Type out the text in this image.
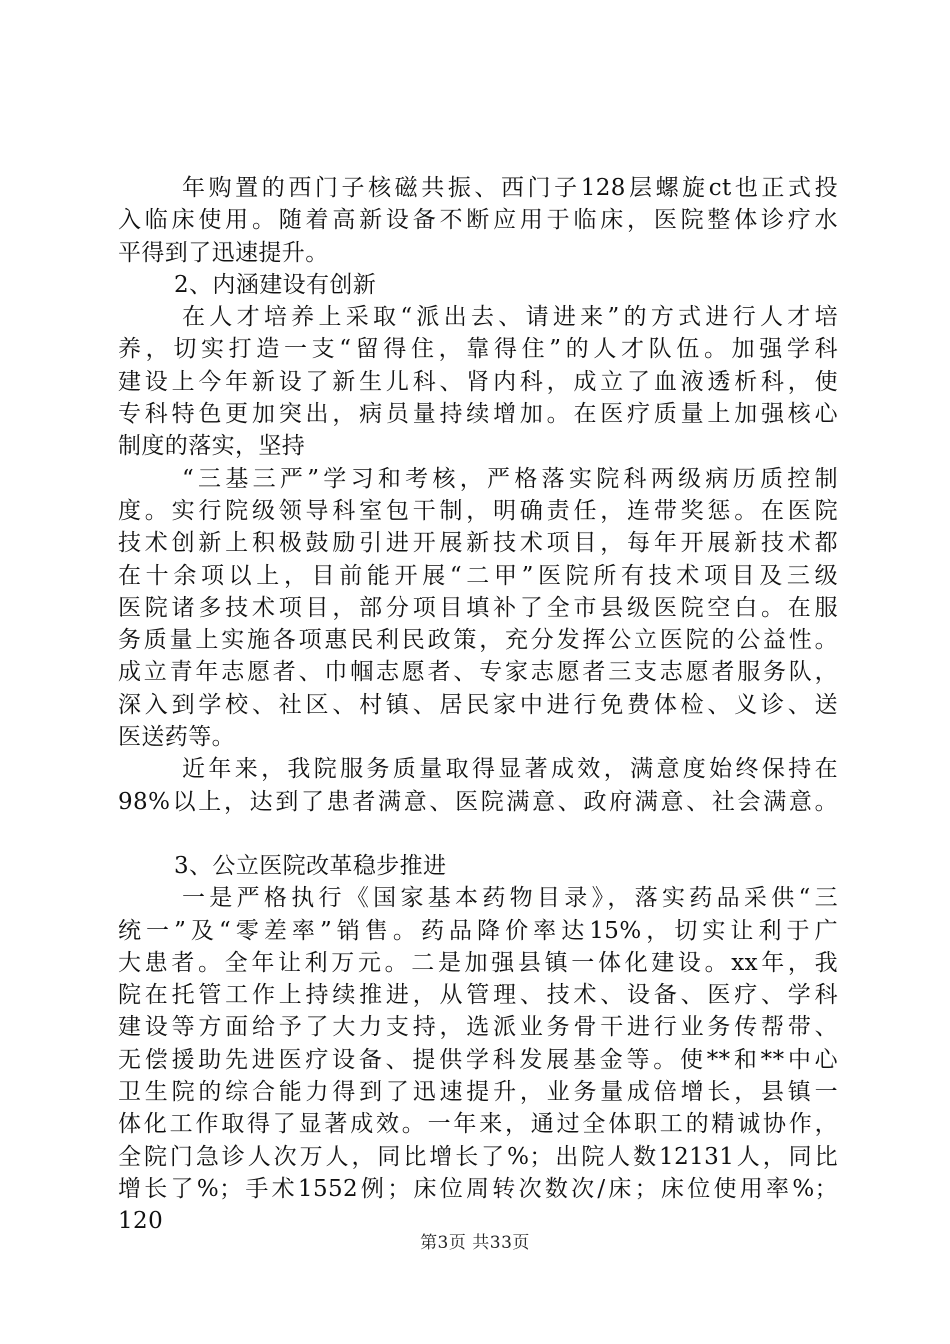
年购置的西门子核磁共振、西门子128层螺旋ct也正式投
入临床使用。随着高新设备不断应用于临床，医院整体诊疗水
平得到了迅速提升。
2、内涵建设有创新
在人才培养上采取“派出去、请进来”的方式进行人才培
养，切实打造一支“留得住，靠得住”的人才队伍。加强学科
建设上今年新设了新生儿科、肾内科，成立了血液透析科，使
专科特色更加突出，病员量持续增加。在医疗质量上加强核心
制度的落实，坚持
“三基三严”学习和考核，严格落实院科两级病历质控制
度。实行院级领导科室包干制，明确责任，连带奖惩。在医院
技术创新上积极鼓励引进开展新技术项目，每年开展新技术都
在十余项以上，目前能开展“二甲”医院所有技术项目及三级
医院诸多技术项目，部分项目填补了全市县级医院空白。在服
务质量上实施各项惠民利民政策，充分发挥公立医院的公益性。
成立青年志愿者、巾帼志愿者、专家志愿者三支志愿者服务队，
深入到学校、社区、村镇、居民家中进行免费体检、义诊、送
医送药等。
近年来，我院服务质量取得显著成效，满意度始终保持在
98%以上，达到了患者满意、医院满意、政府满意、社会满意。
3、公立医院改革稳步推进
一是严格执行《国家基本药物目录》，落实药品采供“三
统一”及“零差率”销售。药品降价率达15%，切实让利于广
大患者。全年让利万元。二是加强县镇一体化建设。xx年，我
院在托管工作上持续推进，从管理、技术、设备、医疗、学科
建设等方面给予了大力支持，选派业务骨干进行业务传帮带、
无偿援助先进医疗设备、提供学科发展基金等。使**和**中心
卫生院的综合能力得到了迅速提升，业务量成倍增长，县镇一
体化工作取得了显著成效。一年来，通过全体职工的精诚协作，
全院门急诊人次万人，同比增长了%；出院人数12131人，同比
增长了%；手术1552例；床位周转次数次/床；床位使用率%；
120
第3页 共33页
